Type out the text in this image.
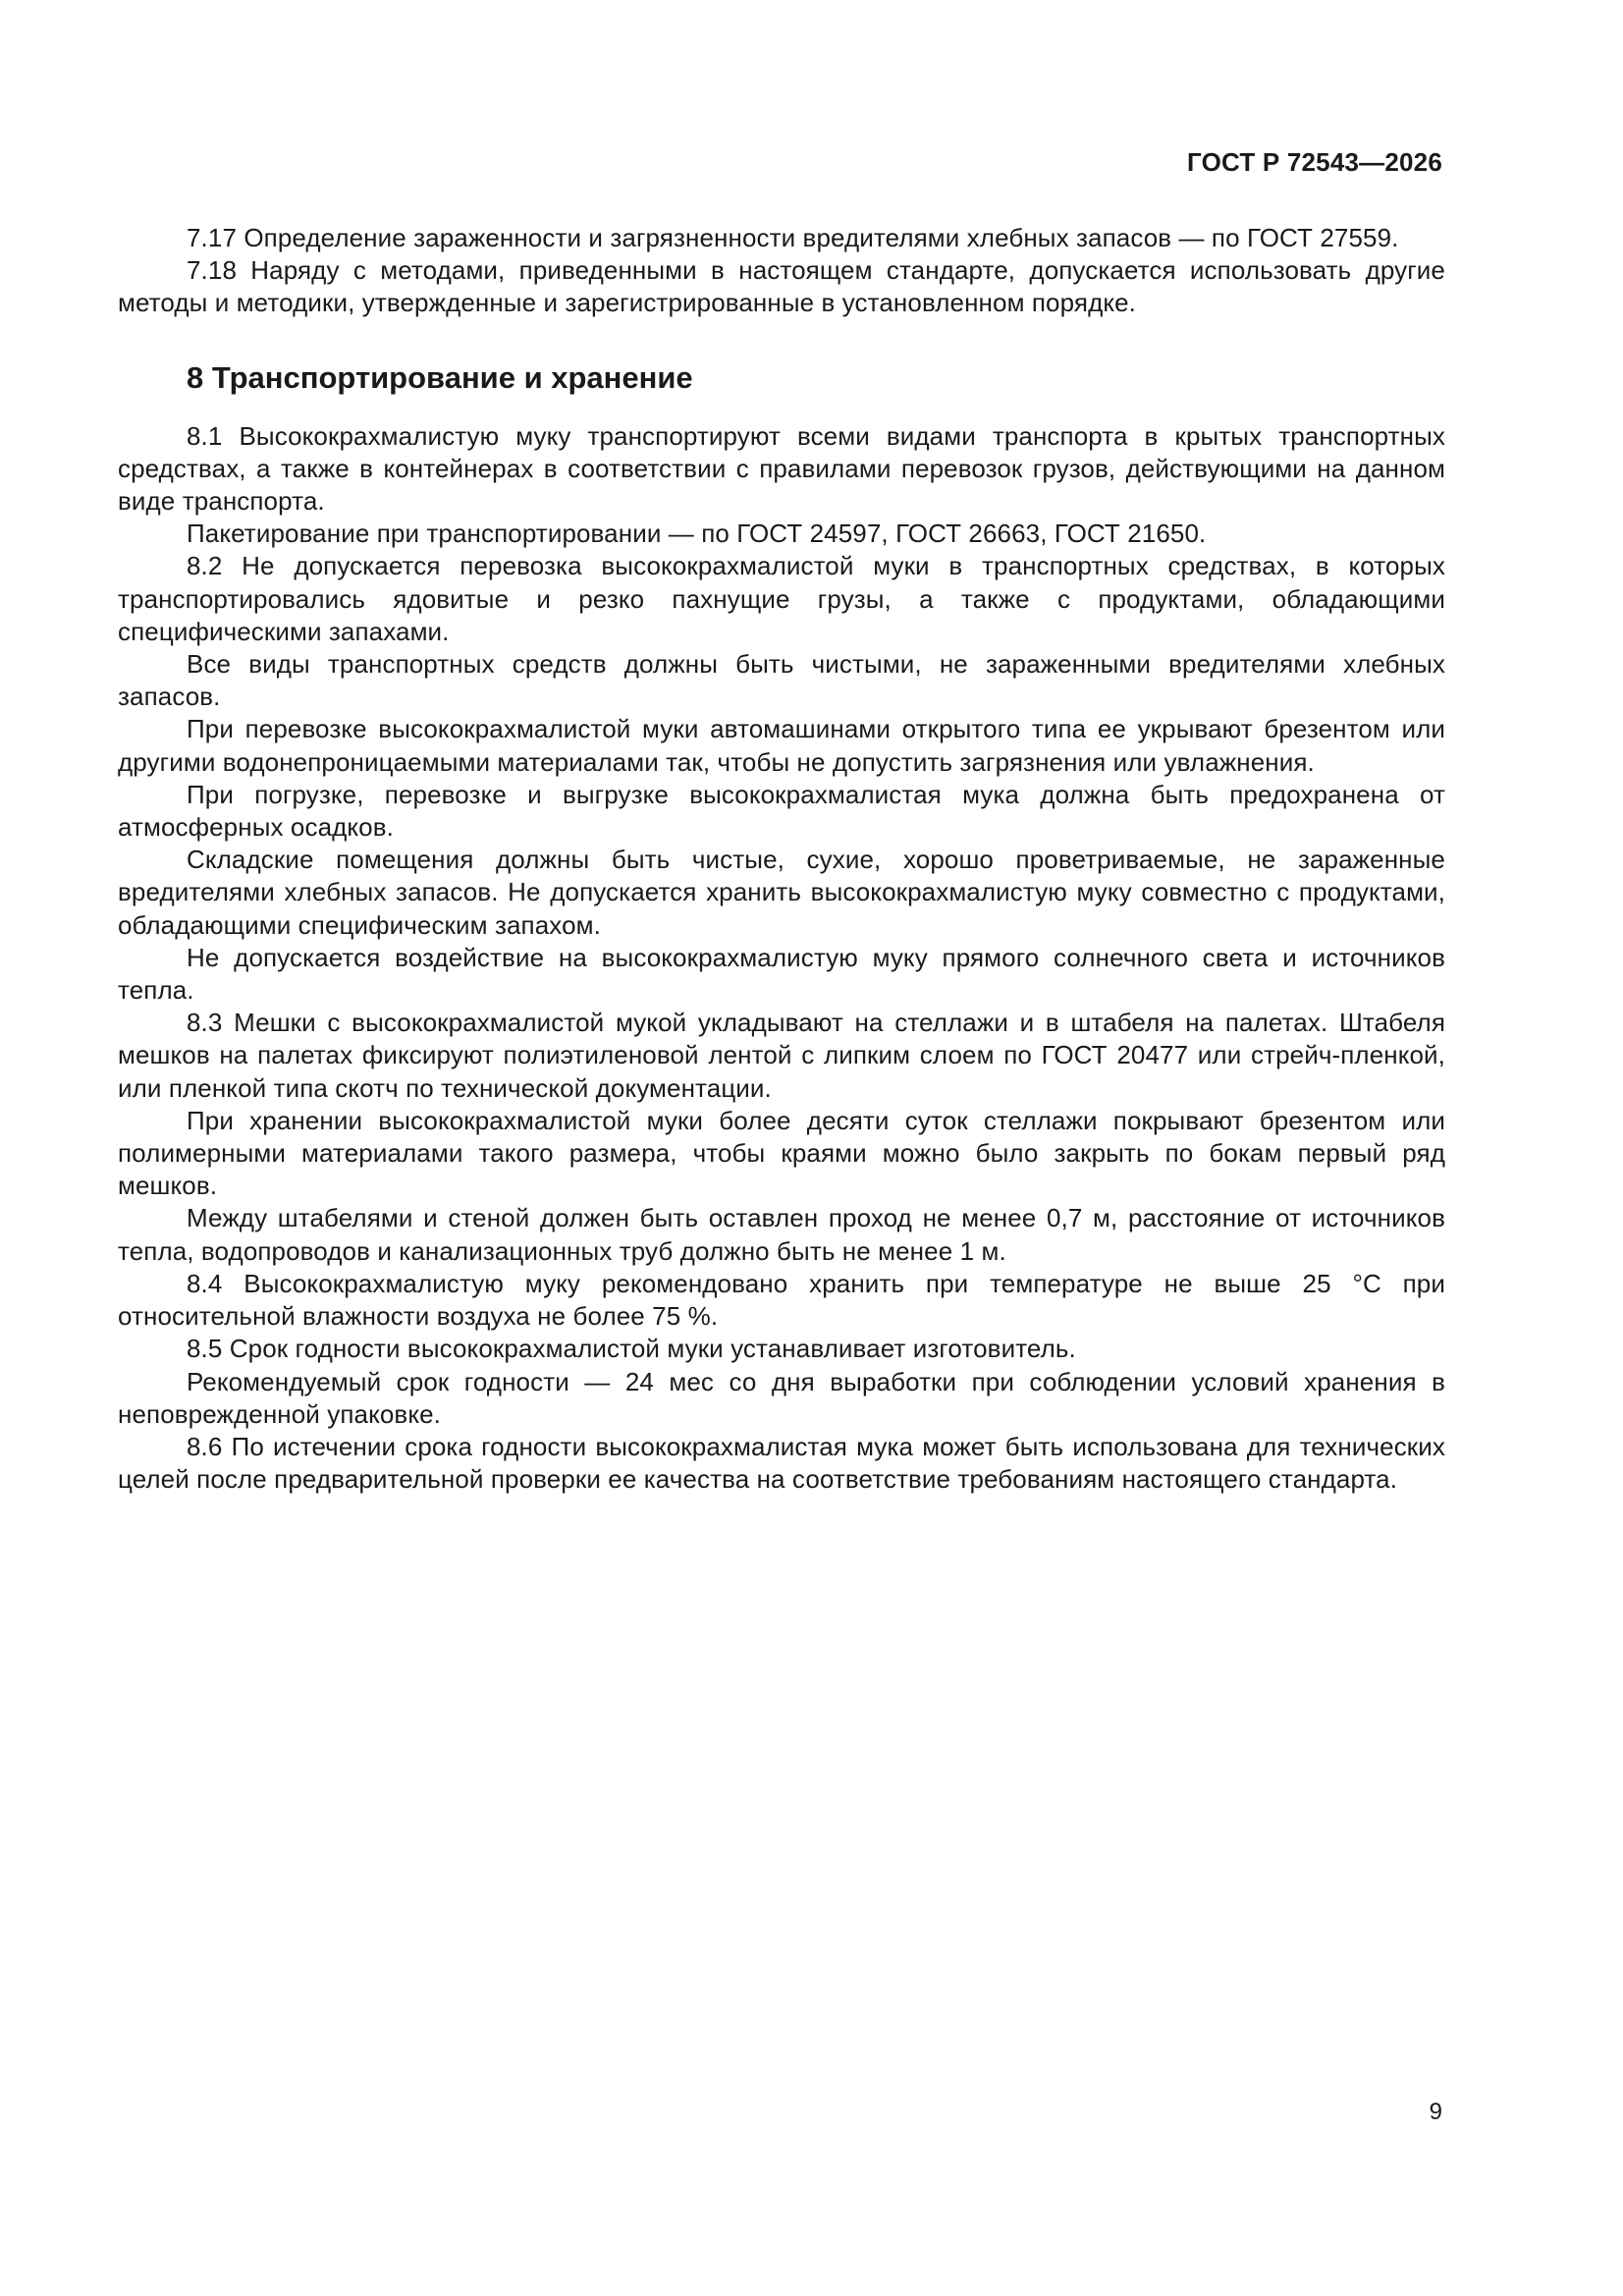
ГОСТ Р 72543—2026

7.17 Определение зараженности и загрязненности вредителями хлебных запасов — по ГОСТ 27559.

7.18 Наряду с методами, приведенными в настоящем стандарте, допускается использовать другие методы и методики, утвержденные и зарегистрированные в установленном порядке.

8 Транспортирование и хранение

8.1 Высококрахмалистую муку транспортируют всеми видами транспорта в крытых транспортных средствах, а также в контейнерах в соответствии с правилами перевозок грузов, действующими на данном виде транспорта.

Пакетирование при транспортировании — по ГОСТ 24597, ГОСТ 26663, ГОСТ 21650.

8.2 Не допускается перевозка высококрахмалистой муки в транспортных средствах, в которых транспортировались ядовитые и резко пахнущие грузы, а также с продуктами, обладающими специфическими запахами.

Все виды транспортных средств должны быть чистыми, не зараженными вредителями хлебных запасов.

При перевозке высококрахмалистой муки автомашинами открытого типа ее укрывают брезентом или другими водонепроницаемыми материалами так, чтобы не допустить загрязнения или увлажнения.

При погрузке, перевозке и выгрузке высококрахмалистая мука должна быть предохранена от атмосферных осадков.

Складские помещения должны быть чистые, сухие, хорошо проветриваемые, не зараженные вредителями хлебных запасов. Не допускается хранить высококрахмалистую муку совместно с продуктами, обладающими специфическим запахом.

Не допускается воздействие на высококрахмалистую муку прямого солнечного света и источников тепла.

8.3 Мешки с высококрахмалистой мукой укладывают на стеллажи и в штабеля на палетах. Штабеля мешков на палетах фиксируют полиэтиленовой лентой с липким слоем по ГОСТ 20477 или стрейч-пленкой, или пленкой типа скотч по технической документации.

При хранении высококрахмалистой муки более десяти суток стеллажи покрывают брезентом или полимерными материалами такого размера, чтобы краями можно было закрыть по бокам первый ряд мешков.

Между штабелями и стеной должен быть оставлен проход не менее 0,7 м, расстояние от источников тепла, водопроводов и канализационных труб должно быть не менее 1 м.

8.4 Высококрахмалистую муку рекомендовано хранить при температуре не выше 25 °С при относительной влажности воздуха не более 75 %.

8.5 Срок годности высококрахмалистой муки устанавливает изготовитель.

Рекомендуемый срок годности — 24 мес со дня выработки при соблюдении условий хранения в неповрежденной упаковке.

8.6 По истечении срока годности высококрахмалистая мука может быть использована для технических целей после предварительной проверки ее качества на соответствие требованиям настоящего стандарта.

9
